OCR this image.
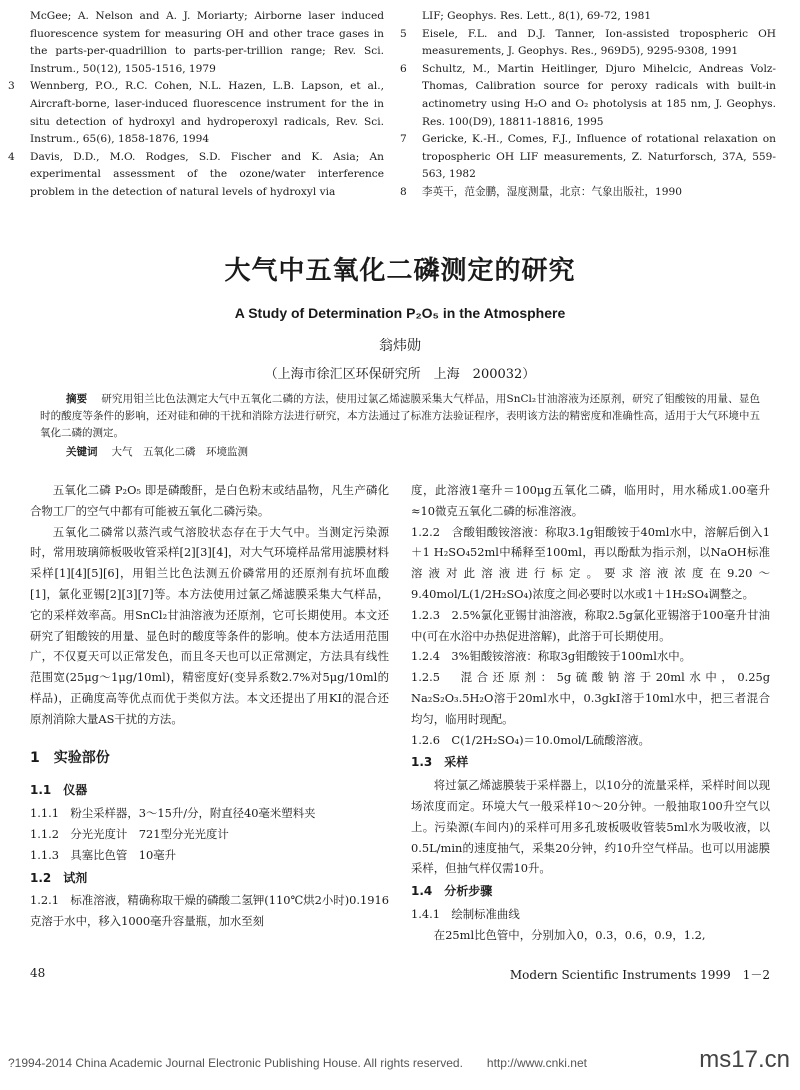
McGee; A. Nelson and A. J. Moriarty; Airborne laser induced fluorescence system for measuring OH and other trace gases in the parts-per-quadrillion to parts-per-trillion range; Rev. Sci. Instrum., 50(12), 1505-1516, 1979
3	Wennberg, P.O., R.C. Cohen, N.L. Hazen, L.B. Lapson, et al., Aircraft-borne, laser-induced fluorescence instrument for the in situ detection of hydroxyl and hydroperoxyl radicals, Rev. Sci. Instrum., 65(6), 1858-1876, 1994
4	Davis, D.D., M.O. Rodges, S.D. Fischer and K. Asia; An experimental assessment of the ozone/water interference problem in the detection of natural levels of hydroxyl via
LIF; Geophys. Res. Lett., 8(1), 69-72, 1981
5	Eisele, F.L. and D.J. Tanner, Ion-assisted tropospheric OH measurements, J. Geophys. Res., 969D5), 9295-9308, 1991
6	Schultz, M., Martin Heitlinger, Djuro Mihelcic, Andreas Volz-Thomas, Calibration source for peroxy radicals with built-in actinometry using H₂O and O₂ photolysis at 185 nm, J. Geophys. Res. 100(D9), 18811-18816, 1995
7	Gericke, K.-H., Comes, F.J., Influence of rotational relaxation on tropospheric OH LIF measurements, Z. Naturforsch, 37A, 559-563, 1982
8	李英干，范金鹏，湿度测量，北京：气象出版社，1990
大气中五氧化二磷测定的研究
A Study of Determination P₂O₅ in the Atmosphere
翁炜勋
（上海市徐汇区环保研究所　上海　200032）

摘要 研究用钼兰比色法测定大气中五氧化二磷的方法，使用过氯乙烯滤膜采集大气样品，用SnCl₂甘油溶液为还原剂，研究了钼酸铵的用量、显色时的酸度等条件的影响，还对硅和砷的干扰和消除方法进行研究，本方法通过了标准方法验证程序，表明该方法的精密度和准确性高，适用于大气环境中五氧化二磷的测定。

关键词 大气　五氧化二磷　环境监测

五氧化二磷 P₂O₅ 即是磷酸酐，是白色粉末或结晶物，凡生产磷化合物工厂的空气中都有可能被五氧化二磷污染。

五氧化二磷常以蒸汽或气溶胶状态存在于大气中。当测定污染源时，常用玻璃筛板吸收管采样[2][3][4]，对大气环境样品常用滤膜材料采样[1][4][5][6]，用钼兰比色法测五价磷常用的还原剂有抗坏血酸[1]，氯化亚锡[2][3][7]等。本方法使用过氯乙烯滤膜采集大气样品，它的采样效率高。用SnCl₂甘油溶液为还原剂，它可长期使用。本文还研究了钼酸铵的用量、显色时的酸度等条件的影响。使本方法适用范围广，不仅夏天可以正常发色，而且冬天也可以正常测定，方法具有线性范围宽(25μg～1μg/10ml)，精密度好(变异系数2.7%对5μg/10ml的样品)，正确度高等优点而优于类似方法。本文还提出了用KI的混合还原剂消除大量AS干扰的方法。

1　实验部份
1.1　仪器

1.1.1　粉尘采样器，3～15升/分，附直径40毫米塑料夹

1.1.2　分光光度计　721型分光光度计

1.1.3　具塞比色管　10毫升

1.2　试剂

1.2.1　标准溶液，精确称取干燥的磷酸二氢钾(110℃烘2小时)0.1916克溶于水中，移入1000毫升容量瓶，加水至刻

度，此溶液1毫升＝100μg五氧化二磷，临用时，用水稀成1.00毫升≈10微克五氧化二磷的标准溶液。

1.2.2　含酸钼酸铵溶液：称取3.1g钼酸铵于40ml水中，溶解后倒入1＋1 H₂SO₄52ml中稀释至100ml，再以酚酞为指示剂，以NaOH标准溶液对此溶液进行标定。要求溶液浓度在9.20～9.40mol/L(1/2H₂SO₄)浓度之间必要时以水或1＋1H₂SO₄调整之。

1.2.3　2.5%氯化亚锡甘油溶液，称取2.5g氯化亚锡溶于100毫升甘油中(可在水浴中办热促进溶解)，此溶于可长期使用。

1.2.4　3%钼酸铵溶液：称取3g钼酸铵于100ml水中。

1.2.5　混合还原剂：5g硫酸钠溶于20ml水中，0.25g Na₂S₂O₃.5H₂O溶于20ml水中，0.3gkI溶于10ml水中，把三者混合均匀，临用时现配。

1.2.6　C(1/2H₂SO₄)＝10.0mol/L硫酸溶液。

1.3　采样

将过氯乙烯滤膜装于采样器上，以10分的流量采样，采样时间以现场浓度而定。环境大气一般采样10～20分钟。一般抽取100升空气以上。污染源(车间内)的采样可用多孔玻板吸收管装5ml水为吸收液，以0.5L/min的速度抽气，采集20分钟，约10升空气样品。也可以用滤膜采样，但抽气样仅需10升。

1.4　分析步骤

1.4.1　绘制标准曲线

在25ml比色管中，分别加入0，0.3，0.6，0.9，1.2,

48	Modern Scientific Instruments 1999　1－2
?1994-2014 China Academic Journal Electronic Publishing House. All rights reserved.　　http://www.cnki.net	ms17.cn
